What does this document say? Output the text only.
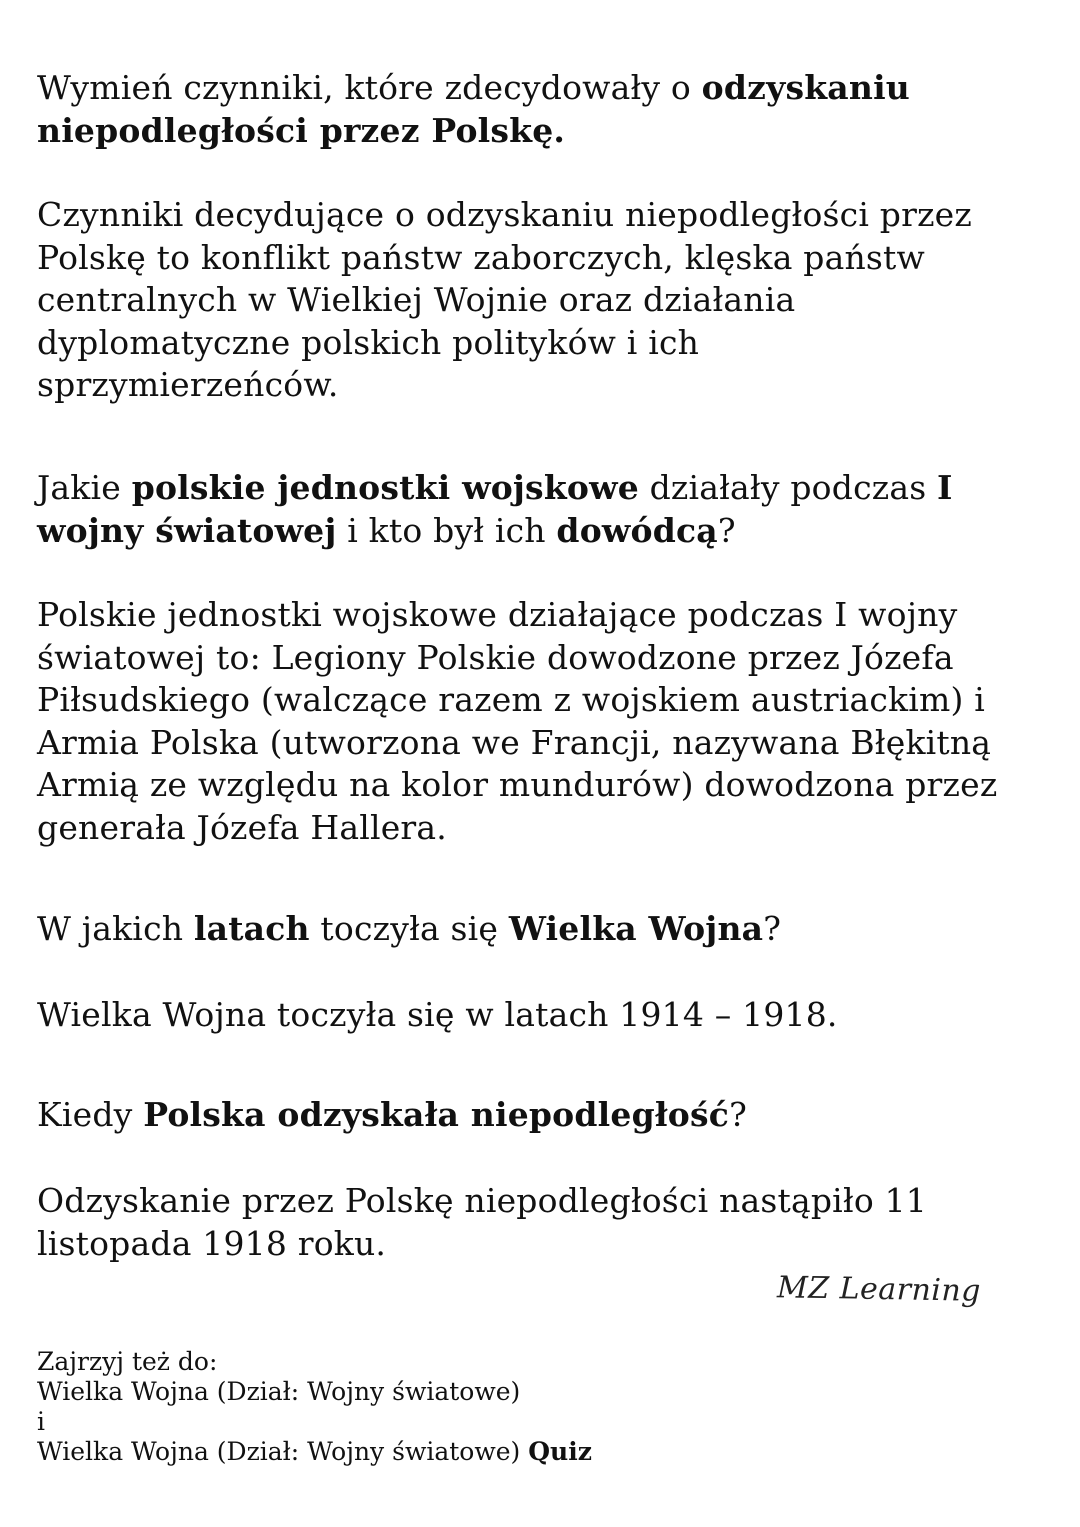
Wymień czynniki, które zdecydowały o odzyskaniu
niepodległości przez Polskę.

Czynniki decydujące o odzyskaniu niepodległości przez
Polskę to konflikt państw zaborczych, klęska państw
centralnych w Wielkiej Wojnie oraz działania
dyplomatyczne polskich polityków i ich
sprzymierzeńców.

Jakie polskie jednostki wojskowe działały podczas I
wojny światowej i kto był ich dowódcą?

Polskie jednostki wojskowe działające podczas I wojny
światowej to: Legiony Polskie dowodzone przez Józefa
Piłsudskiego (walczące razem z wojskiem austriackim) i
Armia Polska (utworzona we Francji, nazywana Błękitną
Armią ze względu na kolor mundurów) dowodzona przez
generała Józefa Hallera.

W jakich latach toczyła się Wielka Wojna?

Wielka Wojna toczyła się w latach 1914 – 1918.

Kiedy Polska odzyskała niepodległość?

Odzyskanie przez Polskę niepodległości nastąpiło 11
listopada 1918 roku.

MZ Learning
Zajrzyj też do:
Wielka Wojna (Dział: Wojny światowe)
i
Wielka Wojna (Dział: Wojny światowe) Quiz
